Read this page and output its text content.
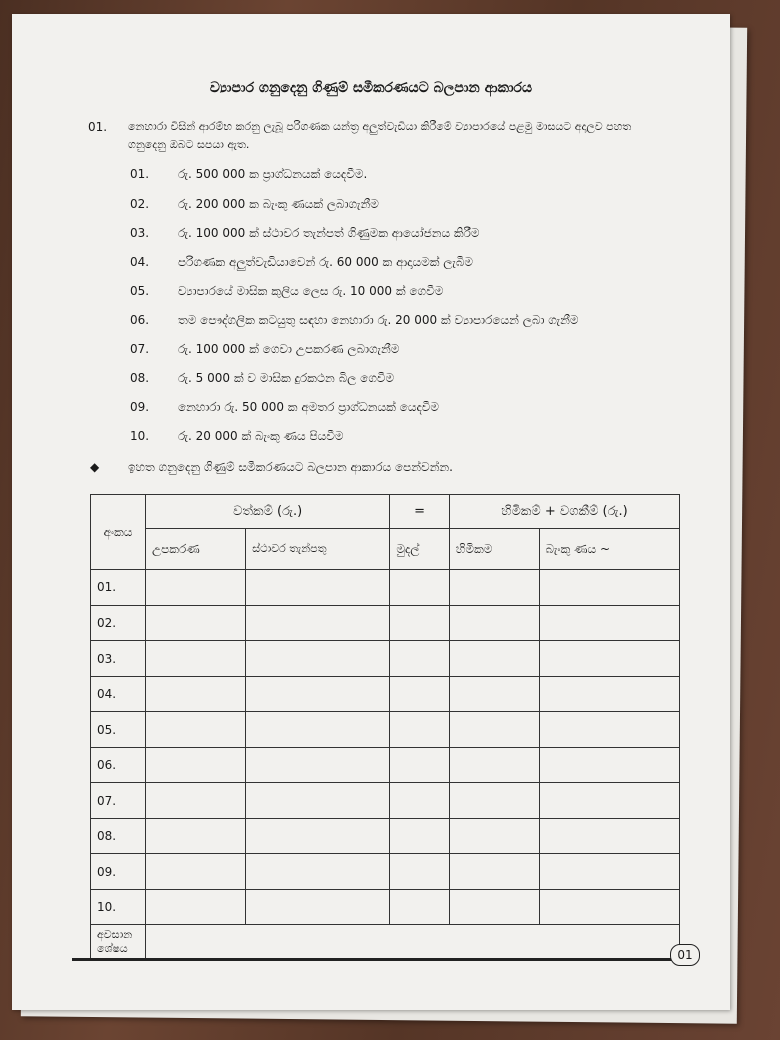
ව්‍යාපාර ගනුදෙනු ගිණුම් සමීකරණයට බලපාන ආකාරය
01. නෙහාරා විසින් ආරම්භ කරනු ලැබූ පරිගණක යන්ත්‍ර අලුත්වැඩියා කිරීමේ ව්‍යාපාරයේ පළමු මාසයට අදාලව පහත ගනුදෙනු ඔබට සපයා ඇත.
01. රු. 500 000 ක ප්‍රාග්ධනයක් යෙදවීම.
02. රු. 200 000 ක බැංකු ණයක් ලබාගැනීම
03. රු. 100 000 ක් ස්ථාවර තැන්පත් ගිණුමක ආයෝජනය කිරීම
04. පරිගණක අලුත්වැඩියාවෙන් රු. 60 000 ක ආදායමක් ලැබීම
05. ව්‍යාපාරයේ මාසික කුලිය ලෙස රු. 10 000 ක් ගෙවීම
06. තම පෞද්ගලික කටයුතු සඳහා නෙහාරා රු. 20 000 ක් ව්‍යාපාරයෙන් ලබා ගැනීම
07. රු. 100 000 ක් ගෙවා උපකරණ ලබාගැනීම
08. රු. 5 000 ක් ව මාසික දුරකථන බිල ගෙවීම
09. නෙහාරා රු. 50 000 ක අමතර ප්‍රාග්ධනයක් යෙදවීම
10. රු. 20 000 ක් බැංකු ණය පියවීම
◆ ඉහත ගනුදෙනු ගිණුම් සමීකරණයට බලපාන ආකාරය පෙන්වන්න.
අංකය	වත්කම් (රු.)		=	හිමිකම් + වගකීම් (රු.)	
	උපකරණ	ස්ථාවර තැන්පතු	මුදල්	හිමිකම	බැංකු ණය ~
01.					
02.					
03.					
04.					
05.					
06.					
07.					
08.					
09.					
10.					
අවසාන ශේෂය						01
